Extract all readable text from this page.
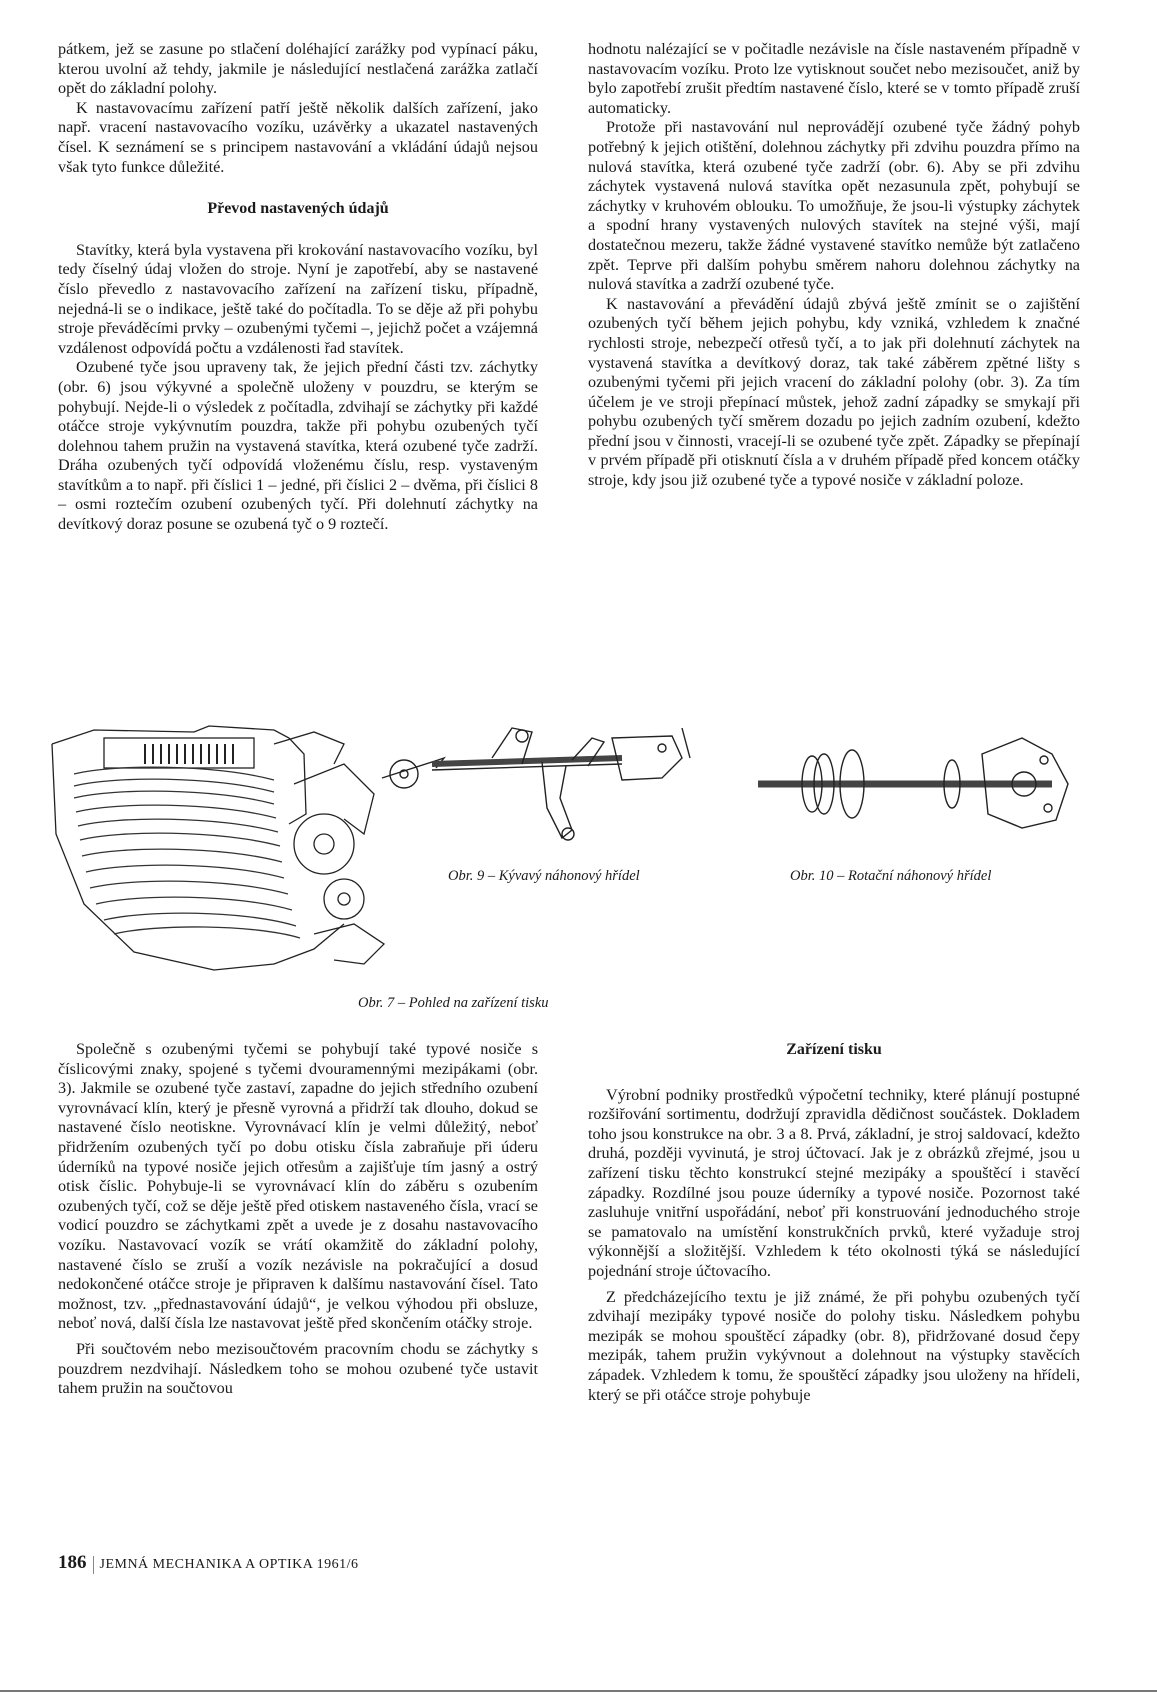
pátkem, jež se zasune po stlačení doléhající zarážky pod vypínací páku, kterou uvolní až tehdy, jakmile je následující nestlačená zarážka zatlačí opět do základní polohy.

K nastavovacímu zařízení patří ještě několik dalších zařízení, jako např. vracení nastavovacího vozíku, uzávěrky a ukazatel nastavených čísel. K seznámení se s principem nastavování a vkládání údajů nejsou však tyto funkce důležité.

Převod nastavených údajů

Stavítky, která byla vystavena při krokování nastavovacího vozíku, byl tedy číselný údaj vložen do stroje. Nyní je zapotřebí, aby se nastavené číslo převedlo z nastavovacího zařízení na zařízení tisku, případně, nejedná-li se o indikace, ještě také do počítadla. To se děje až při pohybu stroje převáděcími prvky – ozubenými tyčemi –, jejichž počet a vzájemná vzdálenost odpovídá počtu a vzdálenosti řad stavítek.

Ozubené tyče jsou upraveny tak, že jejich přední části tzv. záchytky (obr. 6) jsou výkyvné a společně uloženy v pouzdru, se kterým se pohybují. Nejde-li o výsledek z počítadla, zdvihají se záchytky při každé otáčce stroje vykývnutím pouzdra, takže při pohybu ozubených tyčí dolehnou tahem pružin na vystavená stavítka, která ozubené tyče zadrží. Dráha ozubených tyčí odpovídá vloženému číslu, resp. vystaveným stavítkům a to např. při číslici 1 – jedné, při číslici 2 – dvěma, při číslici 8 – osmi roztečím ozubení ozubených tyčí. Při dolehnutí záchytky na devítkový doraz posune se ozubená tyč o 9 roztečí.

hodnotu nalézající se v počitadle nezávisle na čísle nastaveném případně v nastavovacím vozíku. Proto lze vytisknout součet nebo mezisoučet, aniž by bylo zapotřebí zrušit předtím nastavené číslo, které se v tomto případě zruší automaticky.

Protože při nastavování nul neprovádějí ozubené tyče žádný pohyb potřebný k jejich otištění, dolehnou záchytky při zdvihu pouzdra přímo na nulová stavítka, která ozubené tyče zadrží (obr. 6). Aby se při zdvihu záchytek vystavená nulová stavítka opět nezasunula zpět, pohybují se záchytky v kruhovém oblouku. To umožňuje, že jsou-li výstupky záchytek a spodní hrany vystavených nulových stavítek na stejné výši, mají dostatečnou mezeru, takže žádné vystavené stavítko nemůže být zatlačeno zpět. Teprve při dalším pohybu směrem nahoru dolehnou záchytky na nulová stavítka a zadrží ozubené tyče.

K nastavování a převádění údajů zbývá ještě zmínit se o zajištění ozubených tyčí během jejich pohybu, kdy vzniká, vzhledem k značné rychlosti stroje, nebezpečí otřesů tyčí, a to jak při dolehnutí záchytek na vystavená stavítka a devítkový doraz, tak také záběrem zpětné lišty s ozubenými tyčemi při jejich vracení do základní polohy (obr. 3). Za tím účelem je ve stroji přepínací můstek, jehož zadní západky se smykají při pohybu ozubených tyčí směrem dozadu po jejich zadním ozubení, kdežto přední jsou v činnosti, vracejí-li se ozubené tyče zpět. Západky se přepínají v prvém případě při otisknutí čísla a v druhém případě před koncem otáčky stroje, kdy jsou již ozubené tyče a typové nosiče v základní poloze.

Obr. 7 – Pohled na zařízení tisku
Obr. 9 – Kývavý náhonový hřídel	Obr. 10 – Rotační náhonový hřídel

Společně s ozubenými tyčemi se pohybují také typové nosiče s číslicovými znaky, spojené s tyčemi dvouramennými mezipákami (obr. 3). Jakmile se ozubené tyče zastaví, zapadne do jejich středního ozubení vyrovnávací klín, který je přesně vyrovná a přidrží tak dlouho, dokud se nastavené číslo neotiskne. Vyrovnávací klín je velmi důležitý, neboť přidržením ozubených tyčí po dobu otisku čísla zabraňuje při úderu úderníků na typové nosiče jejich otřesům a zajišťuje tím jasný a ostrý otisk číslic. Pohybuje-li se vyrovnávací klín do záběru s ozubením ozubených tyčí, což se děje ještě před otiskem nastaveného čísla, vrací se vodicí pouzdro se záchytkami zpět a uvede je z dosahu nastavovacího vozíku. Nastavovací vozík se vrátí okamžitě do základní polohy, nastavené číslo se zruší a vozík nezávisle na pokračující a dosud nedokončené otáčce stroje je připraven k dalšímu nastavování čísel. Tato možnost, tzv. „přednastavování údajů“, je velkou výhodou při obsluze, neboť nová, další čísla lze nastavovat ještě před skončením otáčky stroje.

Při součtovém nebo mezisoučtovém pracovním chodu se záchytky s pouzdrem nezdvihají. Následkem toho se mohou ozubené tyče ustavit tahem pružin na součtovou

Zařízení tisku

Výrobní podniky prostředků výpočetní techniky, které plánují postupné rozšiřování sortimentu, dodržují zpravidla dědičnost součástek. Dokladem toho jsou konstrukce na obr. 3 a 8. Prvá, základní, je stroj saldovací, kdežto druhá, později vyvinutá, je stroj účtovací. Jak je z obrázků zřejmé, jsou u zařízení tisku těchto konstrukcí stejné mezipáky a spouštěcí i stavěcí západky. Rozdílné jsou pouze úderníky a typové nosiče. Pozornost také zasluhuje vnitřní uspořádání, neboť při konstruování jednoduchého stroje se pamatovalo na umístění konstrukčních prvků, které vyžaduje stroj výkonnější a složitější. Vzhledem k této okolnosti týká se následující pojednání stroje účtovacího.

Z předcházejícího textu je již známé, že při pohybu ozubených tyčí zdvihají mezipáky typové nosiče do polohy tisku. Následkem pohybu mezipák se mohou spouštěcí západky (obr. 8), přidržované dosud čepy mezipák, tahem pružin vykývnout a dolehnout na výstupky stavěcích západek. Vzhledem k tomu, že spouštěcí západky jsou uloženy na hřídeli, který se při otáčce stroje pohybuje

186 JEMNÁ MECHANIKA A OPTIKA 1961/6
